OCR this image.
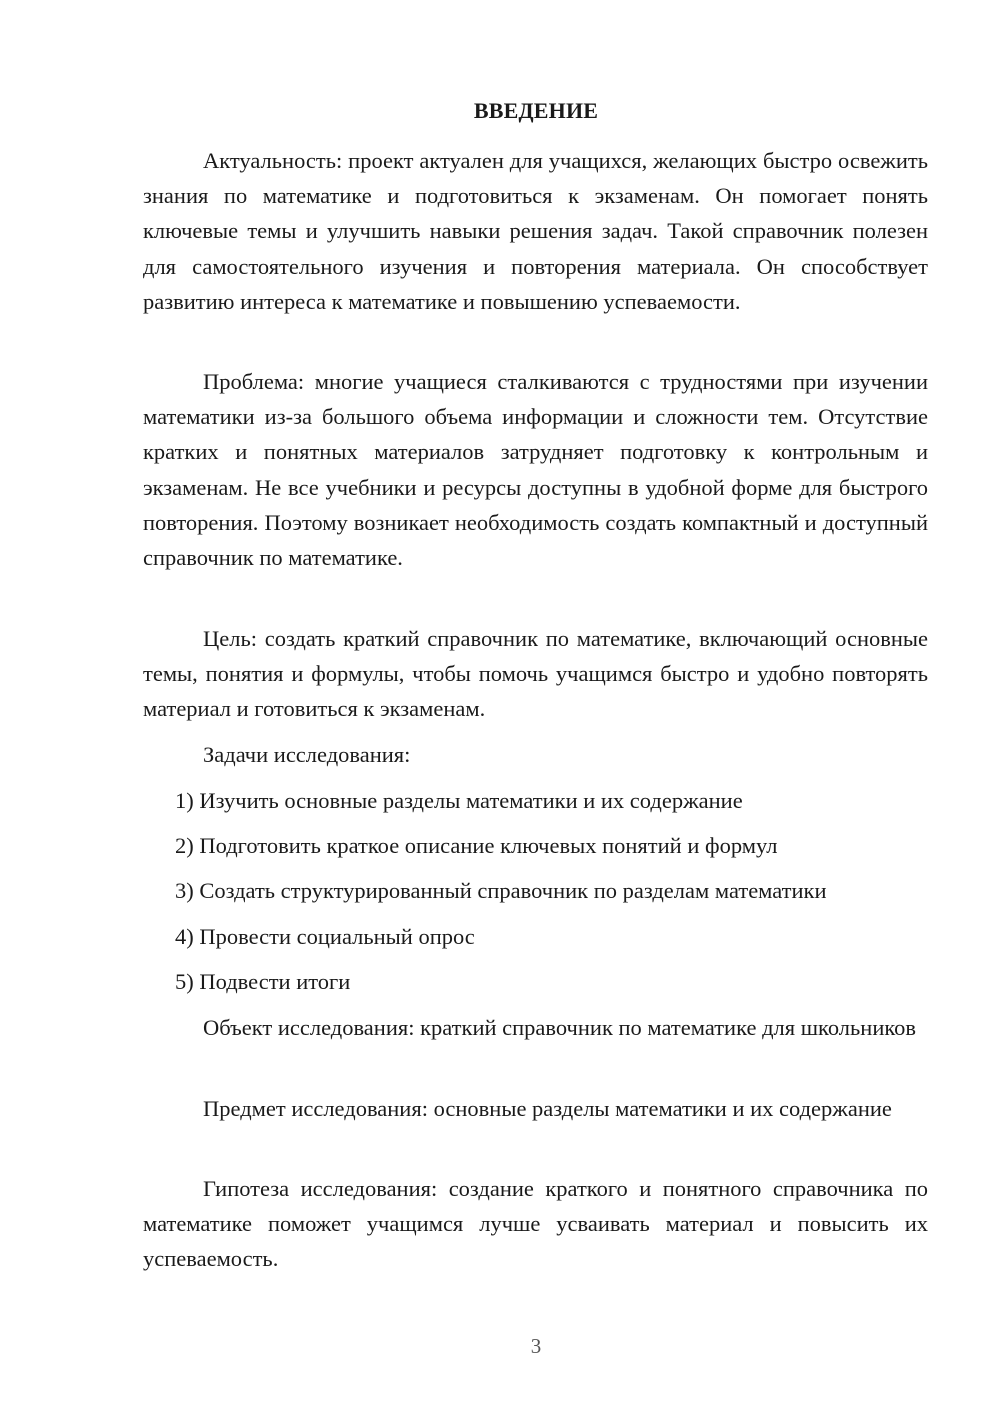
ВВЕДЕНИЕ

Актуальность: проект актуален для учащихся, желающих быстро освежить знания по математике и подготовиться к экзаменам. Он помогает понять ключевые темы и улучшить навыки решения задач. Такой справочник полезен для самостоятельного изучения и повторения материала. Он способствует развитию интереса к математике и повышению успеваемости.

Проблема: многие учащиеся сталкиваются с трудностями при изучении математики из-за большого объема информации и сложности тем. Отсутствие кратких и понятных материалов затрудняет подготовку к контрольным и экзаменам. Не все учебники и ресурсы доступны в удобной форме для быстрого повторения. Поэтому возникает необходимость создать компактный и доступный справочник по математике.

Цель: создать краткий справочник по математике, включающий основные темы, понятия и формулы, чтобы помочь учащимся быстро и удобно повторять материал и готовиться к экзаменам.

Задачи исследования:

1) Изучить основные разделы математики и их содержание
2) Подготовить краткое описание ключевых понятий и формул
3) Создать структурированный справочник по разделам математики
4) Провести социальный опрос
5) Подвести итоги

Объект исследования: краткий справочник по математике для школьников

Предмет исследования: основные разделы математики и их содержание

Гипотеза исследования: создание краткого и понятного справочника по математике поможет учащимся лучше усваивать материал и повысить их успеваемость.

3
